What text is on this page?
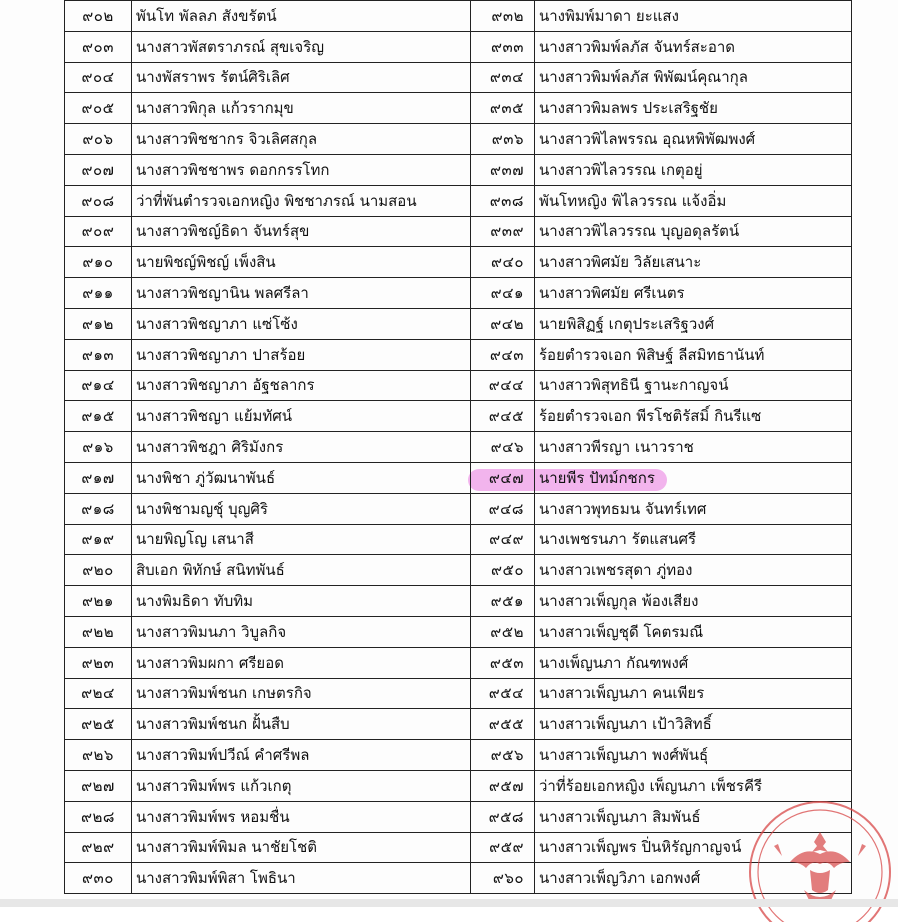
๙๐๒	พันโท พัลลภ สังขรัตน์	๙๓๒	นางพิมพ์มาดา ยะแสง
๙๐๓	นางสาวพัสตราภรณ์ สุขเจริญ	๙๓๓	นางสาวพิมพ์ลภัส จันทร์สะอาด
๙๐๔	นางพัสราพร รัตน์ศิริเลิศ	๙๓๔	นางสาวพิมพ์ลภัส พิพัฒน์คุณากุล
๙๐๕	นางสาวพิกุล แก้วรากมุข	๙๓๕	นางสาวพิมลพร ประเสริฐชัย
๙๐๖	นางสาวพิชชากร จิวเลิศสกุล	๙๓๖	นางสาวพิไลพรรณ อุณหพิพัฒพงศ์
๙๐๗	นางสาวพิชชาพร ดอกกรรโทก	๙๓๗	นางสาวพิไลวรรณ เกตุอยู่
๙๐๘	ว่าที่พันตำรวจเอกหญิง พิชชาภรณ์ นามสอน	๙๓๘	พันโทหญิง พิไลวรรณ แจ้งอิ่ม
๙๐๙	นางสาวพิชญ์ธิดา จันทร์สุข	๙๓๙	นางสาวพิไลวรรณ บุญอดุลรัตน์
๙๑๐	นายพิชญ์พิชญ์ เพ็งสิน	๙๔๐	นางสาวพิศมัย วิลัยเสนาะ
๙๑๑	นางสาวพิชญานิน พลศรีลา	๙๔๑	นางสาวพิศมัย ศรีเนตร
๙๑๒	นางสาวพิชญาภา แซ่โซ้ง	๙๔๒	นายพิสิฏฐ์ เกตุประเสริฐวงศ์
๙๑๓	นางสาวพิชญาภา ปาสร้อย	๙๔๓	ร้อยตำรวจเอก พิสิษฐ์ ลีสมิทธานันท์
๙๑๔	นางสาวพิชญาภา อัฐชลากร	๙๔๔	นางสาวพิสุทธินี ฐานะกาญจน์
๙๑๕	นางสาวพิชญา แย้มทัศน์	๙๔๕	ร้อยตำรวจเอก พีรโชติรัสมิ์ กินรีแซ
๙๑๖	นางสาวพิชฎา ศิริมังกร	๙๔๖	นางสาวพีรญา เนาวราช
๙๑๗	นางพิชา ภู่วัฒนาพันธ์	๙๔๗	นายพีร ปัทม์กชกร
๙๑๘	นางพิชามญชุ์ บุญศิริ	๙๔๘	นางสาวพุทธมน จันทร์เทศ
๙๑๙	นายพิญโญ เสนาสี	๙๔๙	นางเพชรนภา รัตแสนศรี
๙๒๐	สิบเอก พิทักษ์ สนิทพันธ์	๙๕๐	นางสาวเพชรสุดา ภู่ทอง
๙๒๑	นางพิมธิดา ทับทิม	๙๕๑	นางสาวเพ็ญกุล พ้องเสียง
๙๒๒	นางสาวพิมนภา วิบูลกิจ	๙๕๒	นางสาวเพ็ญชุดี โคตรมณี
๙๒๓	นางสาวพิมผกา ศรียอด	๙๕๓	นางเพ็ญนภา กัณฑพงศ์
๙๒๔	นางสาวพิมพ์ชนก เกษตรกิจ	๙๕๔	นางสาวเพ็ญนภา คนเพียร
๙๒๕	นางสาวพิมพ์ชนก ฝั้นสืบ	๙๕๕	นางสาวเพ็ญนภา เป้าวิสิทธิ์
๙๒๖	นางสาวพิมพ์ปวีณ์ คำศรีพล	๙๕๖	นางสาวเพ็ญนภา พงศ์พันธุ์
๙๒๗	นางสาวพิมพ์พร แก้วเกตุ	๙๕๗	ว่าที่ร้อยเอกหญิง เพ็ญนภา เพ็ชรคีรี
๙๒๘	นางสาวพิมพ์พร หอมชื่น	๙๕๘	นางสาวเพ็ญนภา สิมพันธ์
๙๒๙	นางสาวพิมพ์พิมล นาชัยโชติ	๙๕๙	นางสาวเพ็ญพร ปิ่นหิรัญกาญจน์
๙๓๐	นางสาวพิมพ์พิสา โพธินา	๙๖๐	นางสาวเพ็ญวิภา เอกพงศ์
